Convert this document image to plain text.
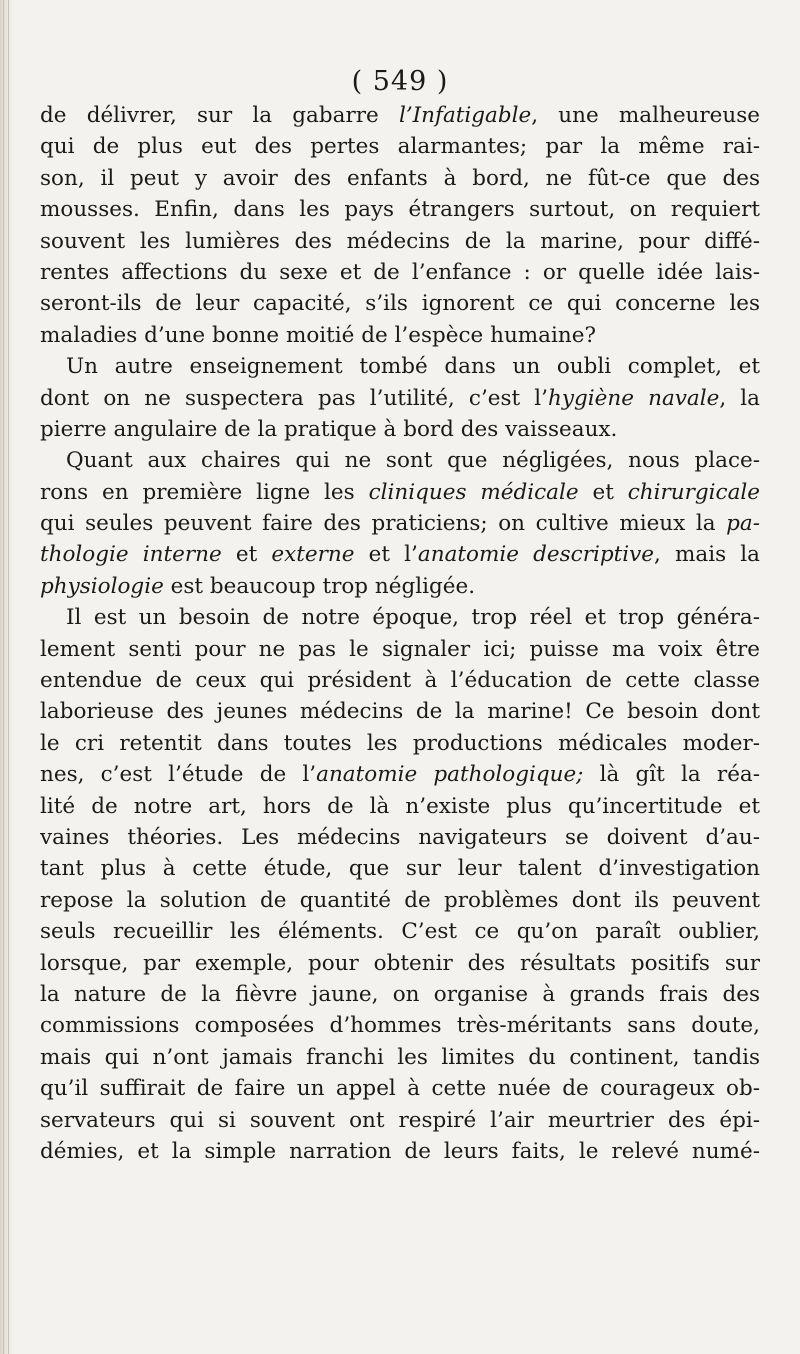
( 549 )
de délivrer, sur la gabarre l’Infatigable, une malheureuse
qui de plus eut des pertes alarmantes; par la même rai-
son, il peut y avoir des enfants à bord, ne fût-ce que des
mousses. Enfin, dans les pays étrangers surtout, on requiert
souvent les lumières des médecins de la marine, pour diffé-
rentes affections du sexe et de l’enfance : or quelle idée lais-
seront-ils de leur capacité, s’ils ignorent ce qui concerne les
maladies d’une bonne moitié de l’espèce humaine?
Un autre enseignement tombé dans un oubli complet, et
dont on ne suspectera pas l’utilité, c’est l’hygiène navale, la
pierre angulaire de la pratique à bord des vaisseaux.
Quant aux chaires qui ne sont que négligées, nous place-
rons en première ligne les cliniques médicale et chirurgicale
qui seules peuvent faire des praticiens; on cultive mieux la pa-
thologie interne et externe et l’anatomie descriptive, mais la
physiologie est beaucoup trop négligée.
Il est un besoin de notre époque, trop réel et trop généra-
lement senti pour ne pas le signaler ici; puisse ma voix être
entendue de ceux qui président à l’éducation de cette classe
laborieuse des jeunes médecins de la marine! Ce besoin dont
le cri retentit dans toutes les productions médicales moder-
nes, c’est l’étude de l’anatomie pathologique; là gît la réa-
lité de notre art, hors de là n’existe plus qu’incertitude et
vaines théories. Les médecins navigateurs se doivent d’au-
tant plus à cette étude, que sur leur talent d’investigation
repose la solution de quantité de problèmes dont ils peuvent
seuls recueillir les éléments. C’est ce qu’on paraît oublier,
lorsque, par exemple, pour obtenir des résultats positifs sur
la nature de la fièvre jaune, on organise à grands frais des
commissions composées d’hommes très-méritants sans doute,
mais qui n’ont jamais franchi les limites du continent, tandis
qu’il suffirait de faire un appel à cette nuée de courageux ob-
servateurs qui si souvent ont respiré l’air meurtrier des épi-
démies, et la simple narration de leurs faits, le relevé numé-
